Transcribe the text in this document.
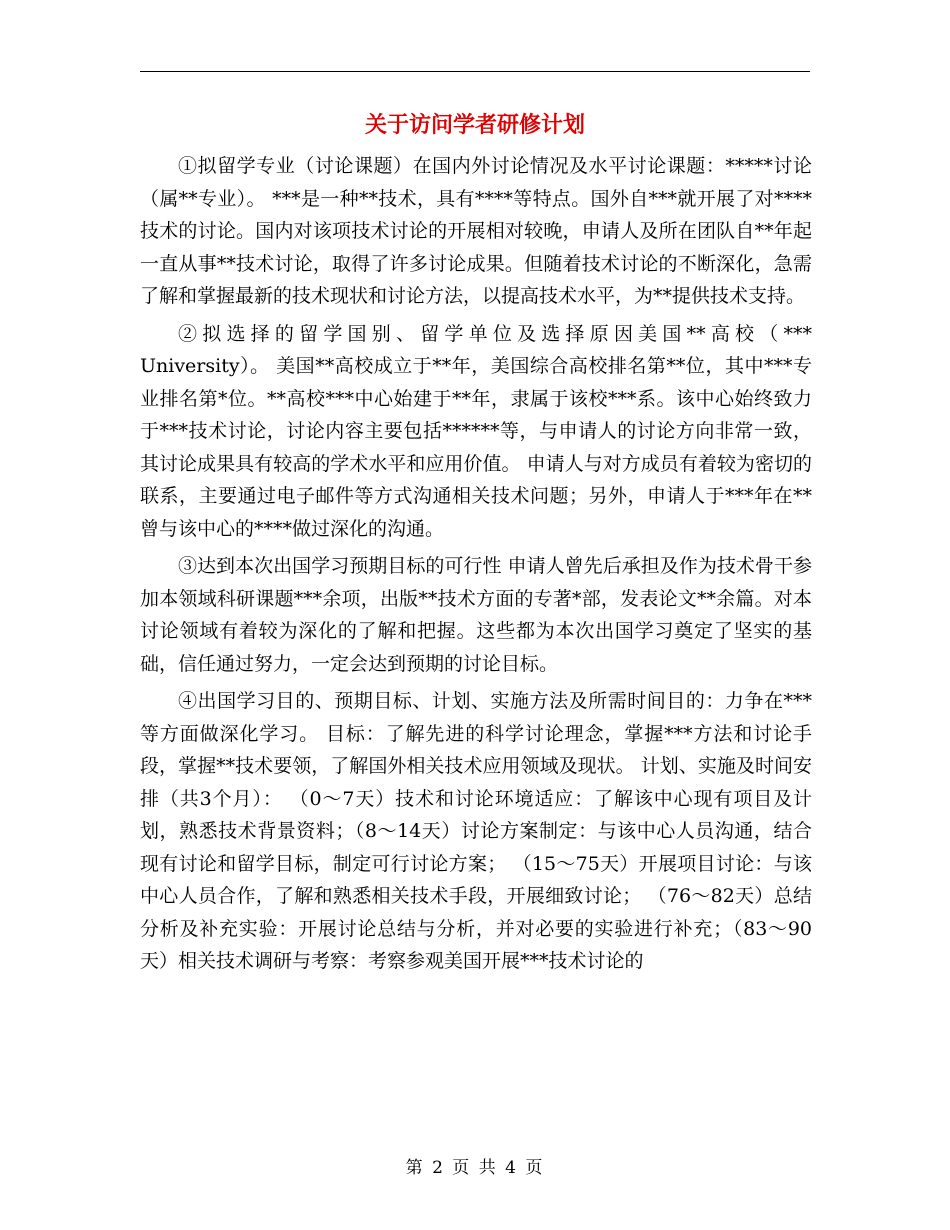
关于访问学者研修计划

①拟留学专业（讨论课题）在国内外讨论情况及水平讨论课题：*****讨论（属**专业）。 ***是一种**技术，具有****等特点。国外自***就开展了对****技术的讨论。国内对该项技术讨论的开展相对较晚，申请人及所在团队自**年起一直从事**技术讨论，取得了许多讨论成果。但随着技术讨论的不断深化，急需了解和掌握最新的技术现状和讨论方法，以提高技术水平，为**提供技术支持。

②拟选择的留学国别、留学单位及选择原因美国**高校（*** University）。 美国**高校成立于**年，美国综合高校排名第**位，其中***专业排名第*位。**高校***中心始建于**年，隶属于该校***系。该中心始终致力于***技术讨论，讨论内容主要包括******等，与申请人的讨论方向非常一致，其讨论成果具有较高的学术水平和应用价值。 申请人与对方成员有着较为密切的联系，主要通过电子邮件等方式沟通相关技术问题；另外，申请人于***年在**曾与该中心的****做过深化的沟通。

③达到本次出国学习预期目标的可行性 申请人曾先后承担及作为技术骨干参加本领域科研课题***余项，出版**技术方面的专著*部，发表论文**余篇。对本讨论领域有着较为深化的了解和把握。这些都为本次出国学习奠定了坚实的基础，信任通过努力，一定会达到预期的讨论目标。

④出国学习目的、预期目标、计划、实施方法及所需时间目的：力争在***等方面做深化学习。 目标：了解先进的科学讨论理念，掌握***方法和讨论手段，掌握**技术要领，了解国外相关技术应用领域及现状。 计划、实施及时间安排（共3个月）： （0～7天）技术和讨论环境适应：了解该中心现有项目及计划，熟悉技术背景资料；（8～14天）讨论方案制定：与该中心人员沟通，结合现有讨论和留学目标，制定可行讨论方案； （15～75天）开展项目讨论：与该中心人员合作，了解和熟悉相关技术手段，开展细致讨论； （76～82天）总结分析及补充实验：开展讨论总结与分析，并对必要的实验进行补充；（83～90天）相关技术调研与考察：考察参观美国开展***技术讨论的

第 2 页 共 4 页
